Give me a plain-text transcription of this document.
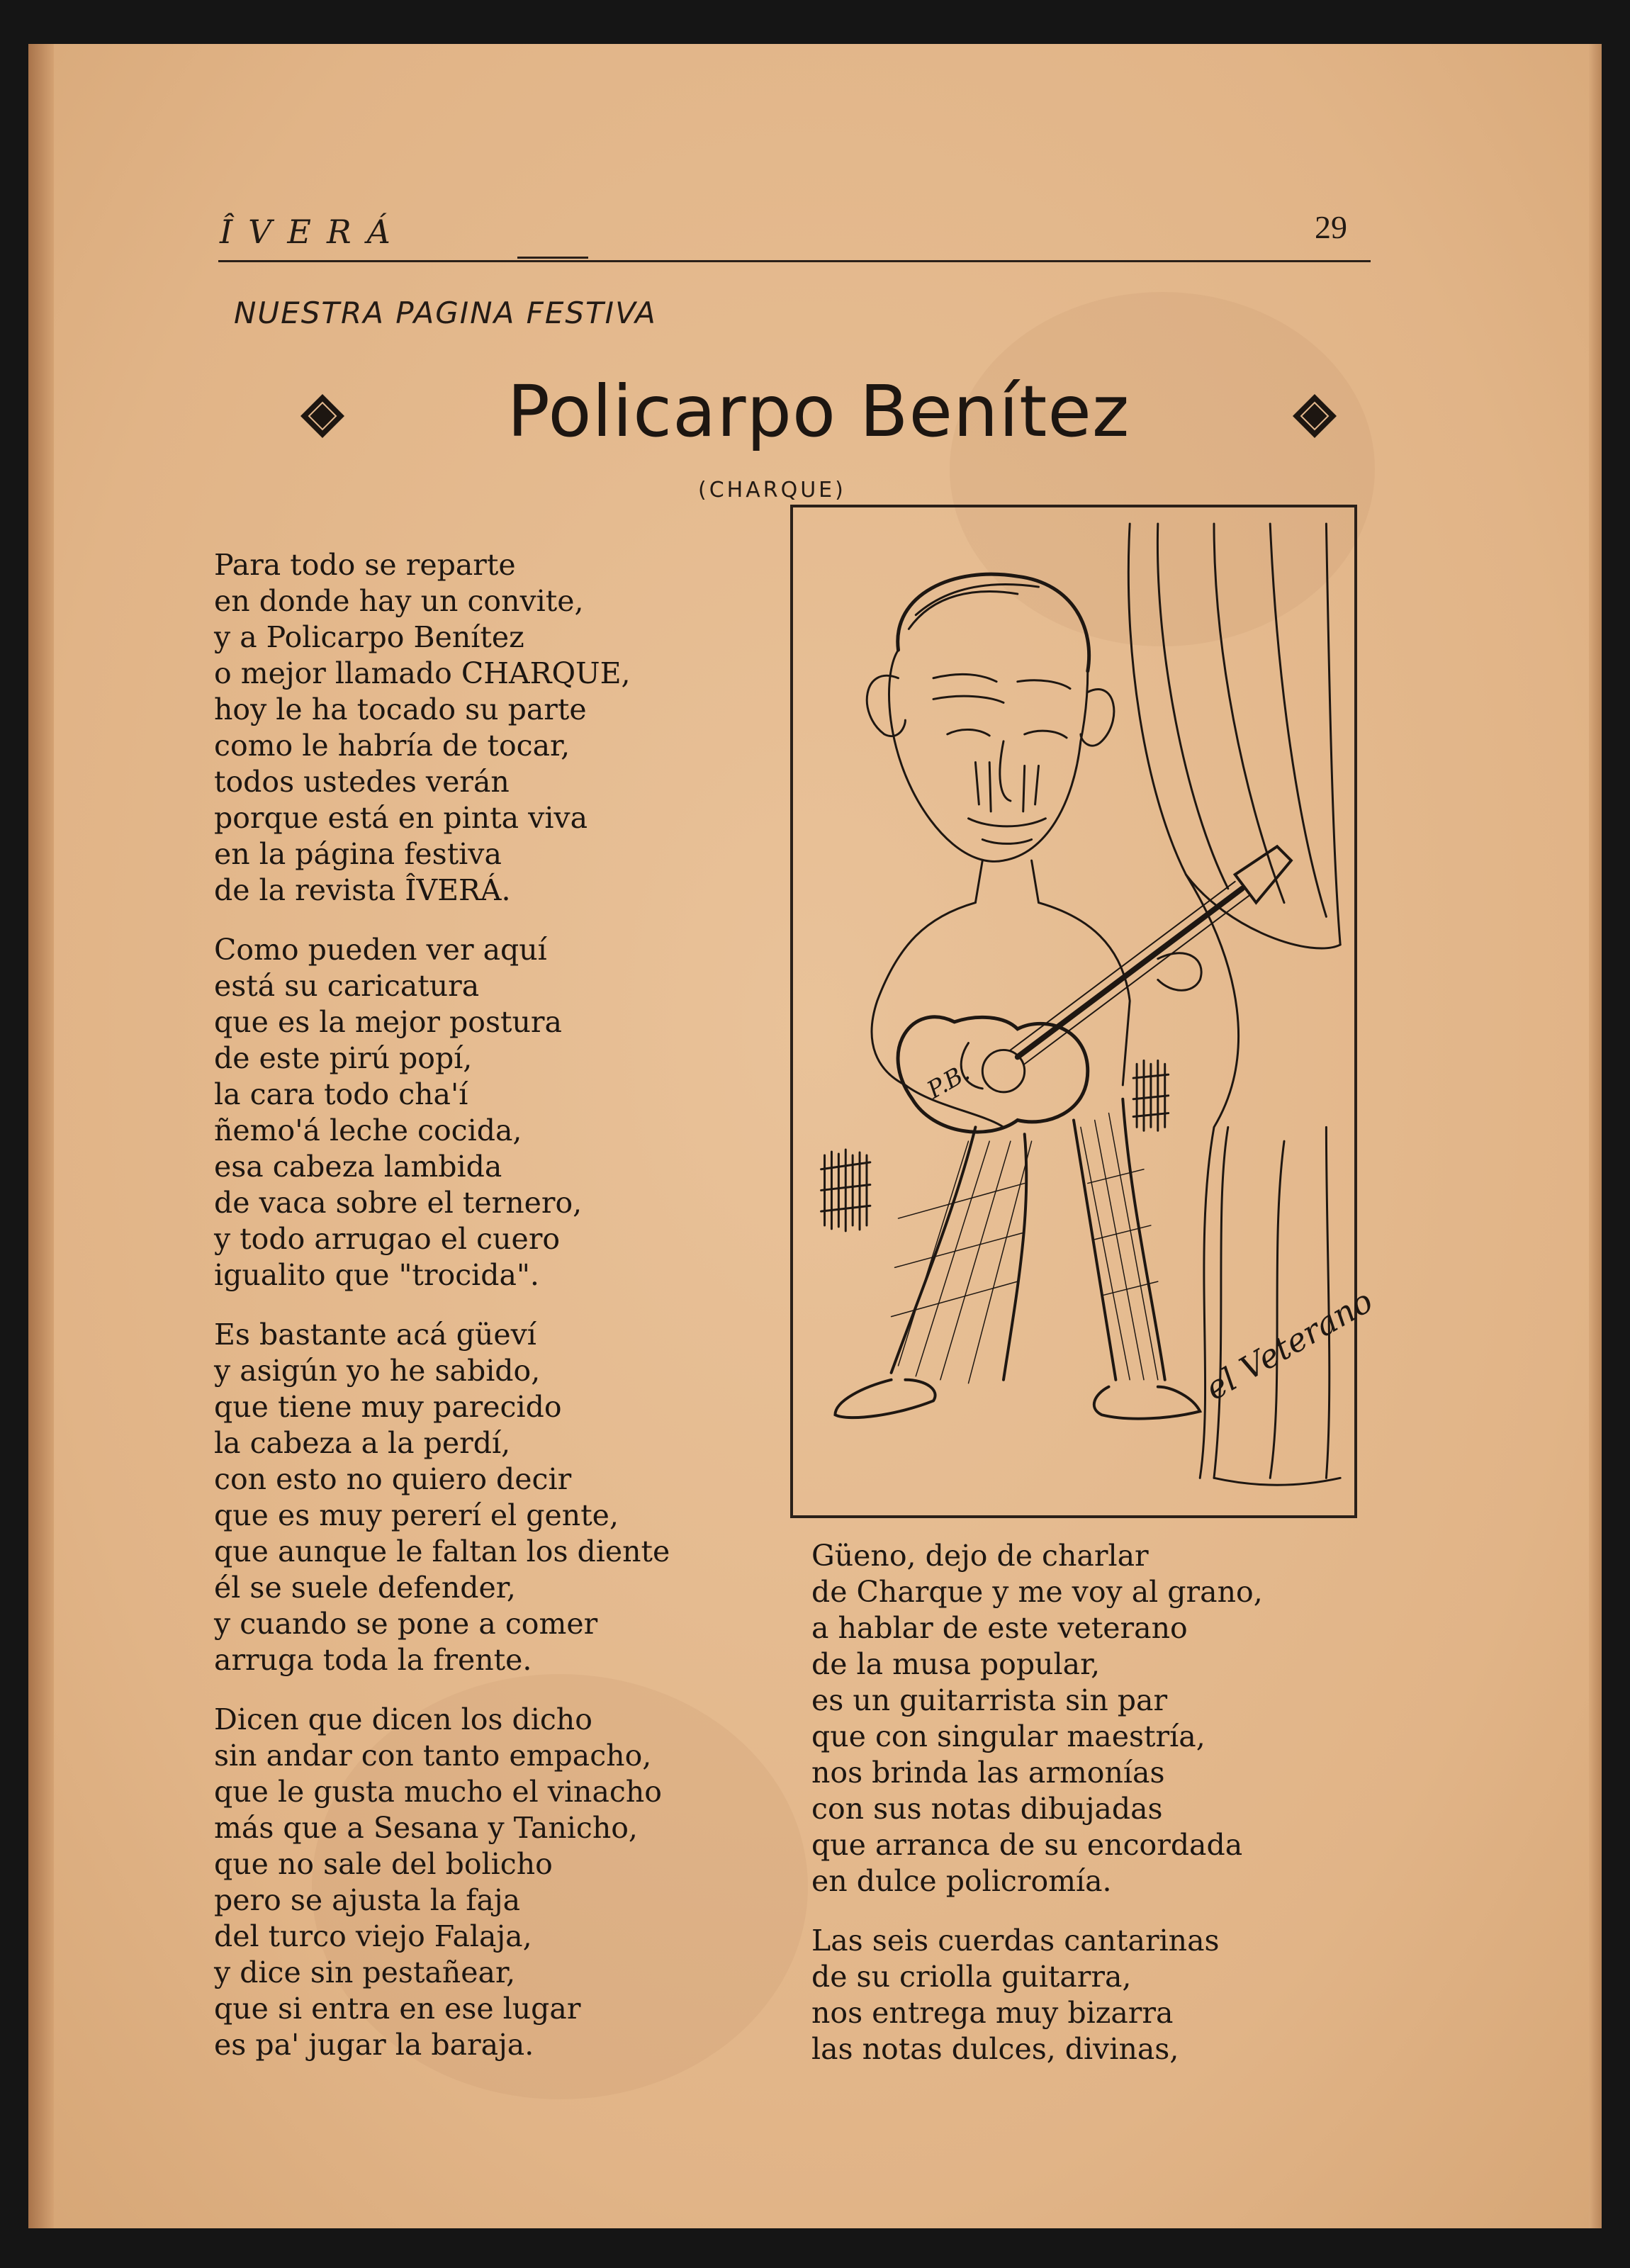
ÎVERÁ	29
NUESTRA PAGINA FESTIVA
Policarpo Benítez
(CHARQUE)

Para todo se reparte
en donde hay un convite,
y a Policarpo Benítez
o mejor llamado CHARQUE,
hoy le ha tocado su parte
como le habría de tocar,
todos ustedes verán
porque está en pinta viva
en la página festiva
de la revista ÎVERÁ.

Como pueden ver aquí
está su caricatura
que es la mejor postura
de este pirú popí,
la cara todo cha'í
ñemo'á leche cocida,
esa cabeza lambida
de vaca sobre el ternero,
y todo arrugao el cuero
igualito que "trocida".

Es bastante acá güeví
y asigún yo he sabido,
que tiene muy parecido
la cabeza a la perdí,
con esto no quiero decir
que es muy pererí el gente,
que aunque le faltan los diente
él se suele defender,
y cuando se pone a comer
arruga toda la frente.

Dicen que dicen los dicho
sin andar con tanto empacho,
que le gusta mucho el vinacho
más que a Sesana y Tanicho,
que no sale del bolicho
pero se ajusta la faja
del turco viejo Falaja,
y dice sin pestañear,
que si entra en ese lugar
es pa' jugar la baraja.

P.B.
el Veterano

Güeno, dejo de charlar
de Charque y me voy al grano,
a hablar de este veterano
de la musa popular,
es un guitarrista sin par
que con singular maestría,
nos brinda las armonías
con sus notas dibujadas
que arranca de su encordada
en dulce policromía.

Las seis cuerdas cantarinas
de su criolla guitarra,
nos entrega muy bizarra
las notas dulces, divinas,
